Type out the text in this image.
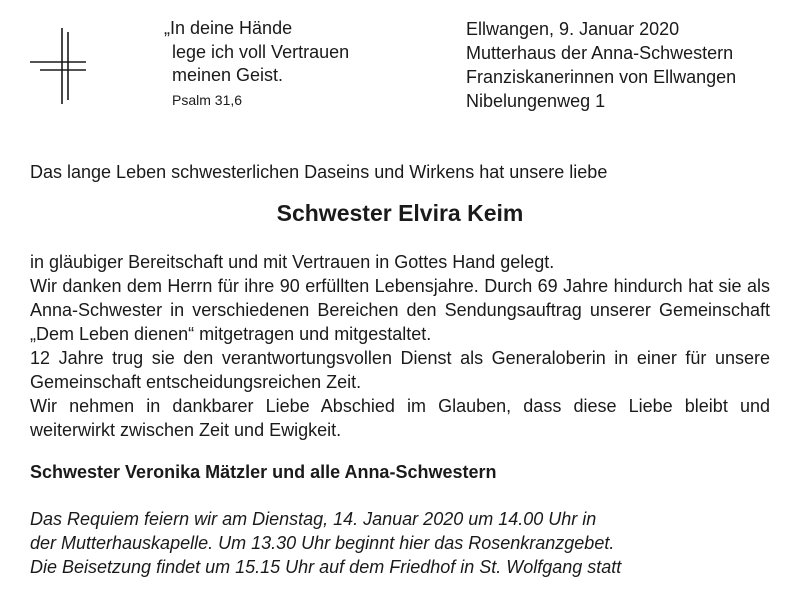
„In deine Hände
lege ich voll Vertrauen
meinen Geist.
Psalm 31,6
Ellwangen, 9. Januar 2020
Mutterhaus der Anna-Schwestern
Franziskanerinnen von Ellwangen
Nibelungenweg 1
Das lange Leben schwesterlichen Daseins und Wirkens hat unsere liebe
Schwester Elvira Keim

in gläubiger Bereitschaft und mit Vertrauen in Gottes Hand gelegt.

Wir danken dem Herrn für ihre 90 erfüllten Lebensjahre. Durch 69 Jahre hindurch hat sie als Anna-Schwester in verschiedenen Bereichen den Sendungsauftrag unserer Gemeinschaft „Dem Leben dienen“ mitgetragen und mitgestaltet.

12 Jahre trug sie den verantwortungsvollen Dienst als Generaloberin in einer für unsere Gemeinschaft entscheidungsreichen Zeit.

Wir nehmen in dankbarer Liebe Abschied im Glauben, dass diese Liebe bleibt und weiterwirkt zwischen Zeit und Ewigkeit.

Schwester Veronika Mätzler und alle Anna-Schwestern
Das Requiem feiern wir am Dienstag, 14. Januar 2020 um 14.00 Uhr in
der Mutterhauskapelle. Um 13.30 Uhr beginnt hier das Rosenkranzgebet.
Die Beisetzung findet um 15.15 Uhr auf dem Friedhof in St. Wolfgang statt
